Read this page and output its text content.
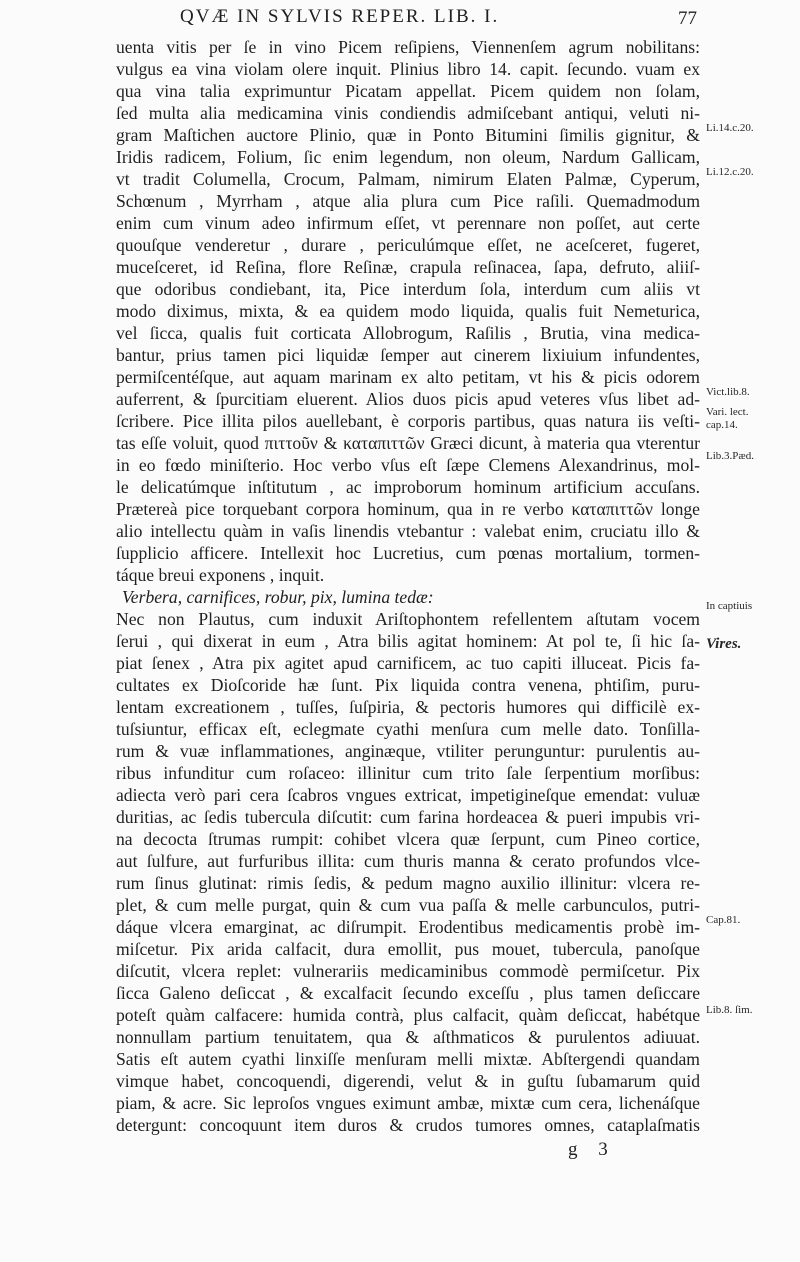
QVÆ IN SYLVIS REPER. LIB. I.	77
uenta vitis per ſe in vino Picem reſipiens, Viennenſem agrum nobilitans:
vulgus ea vina violam olere inquit. Plinius libro 14. capit. ſecundo. vuam ex
qua vina talia exprimuntur Picatam appellat. Picem quidem non ſolam,
ſed multa alia medicamina vinis condiendis admiſcebant antiqui, veluti ni-
gram Maſtichen auctore Plinio, quæ in Ponto Bitumini ſimilis gignitur, &
Iridis radicem, Folium, ſic enim legendum, non oleum, Nardum Gallicam,
vt tradit Columella, Crocum, Palmam, nimirum Elaten Palmæ, Cyperum,
Schœnum , Myrrham , atque alia plura cum Pice raſili. Quemadmodum
enim cum vinum adeo infirmum eſſet, vt perennare non poſſet, aut certe
quouſque venderetur , durare , periculúmque eſſet, ne aceſceret, fugeret,
muceſceret, id Reſina, flore Reſinæ, crapula reſinacea, ſapa, defruto, aliiſ-
que odoribus condiebant, ita, Pice interdum ſola, interdum cum aliis vt
modo diximus, mixta, & ea quidem modo liquida, qualis fuit Nemeturica,
vel ſicca, qualis fuit corticata Allobrogum, Raſilis , Brutia, vina medica-
bantur, prius tamen pici liquidæ ſemper aut cinerem lixiuium infundentes,
permiſcentéſque, aut aquam marinam ex alto petitam, vt his & picis odorem
auferrent, & ſpurcitiam eluerent. Alios duos picis apud veteres vſus libet ad-
ſcribere. Pice illita pilos auellebant, è corporis partibus, quas natura iis veſti-
tas eſſe voluit, quod πιττοῦν & καταπιττῶν Græci dicunt, à materia qua vterentur
in eo fœdo miniſterio. Hoc verbo vſus eſt ſæpe Clemens Alexandrinus, mol-
le delicatúmque inſtitutum , ac improborum hominum artificium accuſans.
Prætereà pice torquebant corpora hominum, qua in re verbo καταπιττῶν longe
alio intellectu quàm in vaſis linendis vtebantur : valebat enim, cruciatu illo &
ſupplicio afficere. Intellexit hoc Lucretius, cum pœnas mortalium, tormen-
táque breui exponens , inquit.
Verbera, carnifices, robur, pix, lumina tedæ:
Nec non Plautus, cum induxit Ariſtophontem refellentem aſtutam vocem
ſerui , qui dixerat in eum , Atra bilis agitat hominem: At pol te, ſi hic ſa-
piat ſenex , Atra pix agitet apud carnificem, ac tuo capiti illuceat. Picis fa-
cultates ex Dioſcoride hæ ſunt. Pix liquida contra venena, phtiſim, puru-
lentam excreationem , tuſſes, ſuſpiria, & pectoris humores qui difficilè ex-
tuſsiuntur, efficax eſt, eclegmate cyathi menſura cum melle dato. Tonſilla-
rum & vuæ inflammationes, anginæque, vtiliter perunguntur: purulentis au-
ribus infunditur cum roſaceo: illinitur cum trito ſale ſerpentium morſibus:
adiecta verò pari cera ſcabros vngues extricat, impetigineſque emendat: vuluæ
duritias, ac ſedis tubercula diſcutit: cum farina hordeacea & pueri impubis vri-
na decocta ſtrumas rumpit: cohibet vlcera quæ ſerpunt, cum Pineo cortice,
aut ſulfure, aut furfuribus illita: cum thuris manna & cerato profundos vlce-
rum ſinus glutinat: rimis ſedis, & pedum magno auxilio illinitur: vlcera re-
plet, & cum melle purgat, quin & cum vua paſſa & melle carbunculos, putri-
dáque vlcera emarginat, ac diſrumpit. Erodentibus medicamentis probè im-
miſcetur. Pix arida calfacit, dura emollit, pus mouet, tubercula, panoſque
diſcutit, vlcera replet: vulnerariis medicaminibus commodè permiſcetur. Pix
ſicca Galeno deſiccat , & excalfacit ſecundo exceſſu , plus tamen deſiccare
poteſt quàm calfacere: humida contrà, plus calfacit, quàm deſiccat, habétque
nonnullam partium tenuitatem, qua & aſthmaticos & purulentos adiuuat.
Satis eſt autem cyathi linxiſſe menſuram melli mixtæ. Abſtergendi quandam
vimque habet, concoquendi, digerendi, velut & in guſtu ſubamarum quid
piam, & acre. Sic leproſos vngues eximunt ambæ, mixtæ cum cera, lichenáſque
detergunt: concoquunt item duros & crudos tumores omnes, cataplaſmatis
Li.14.c.20.
Li.12.c.20.
Vict.lib.8.
Vari. lect.
cap.14.
Lib.3.Pæd.
In captiuis
Vires.
Cap.81.
Lib.8. ſim.
g 3
